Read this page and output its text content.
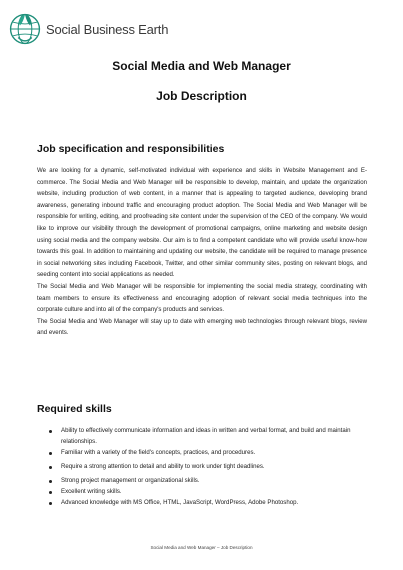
Social Business Earth
Social Media and Web Manager
Job Description
Job specification and responsibilities

We are looking for a dynamic, self-motivated individual with experience and skills in Website Management and E-commerce. The Social Media and Web Manager will be responsible to develop, maintain, and update the organization website, including production of web content, in a manner that is appealing to targeted audience, developing brand awareness, generating inbound traffic and encouraging product adoption. The Social Media and Web Manager will be responsible for writing, editing, and proofreading site content under the supervision of the CEO of the company. We would like to improve our visibility through the development of promotional campaigns, online marketing and website design using social media and the company website. Our aim is to find a competent candidate who will provide useful know-how towards this goal. In addition to maintaining and updating our website, the candidate will be required to manage presence in social networking sites including Facebook, Twitter, and other similar community sites, posting on relevant blogs, and seeding content into social applications as needed.

The Social Media and Web Manager will be responsible for implementing the social media strategy, coordinating with team members to ensure its effectiveness and encouraging adoption of relevant social media techniques into the corporate culture and into all of the company's products and services.

The Social Media and Web Manager will stay up to date with emerging web technologies through relevant blogs, review and events.

Required skills
Ability to effectively communicate information and ideas in written and verbal format, and build and maintain relationships.
Familiar with a variety of the field's concepts, practices, and procedures.
Require a strong attention to detail and ability to work under tight deadlines.
Strong project management or organizational skills.
Excellent writing skills.
Advanced knowledge with MS Office, HTML, JavaScript, WordPress, Adobe Photoshop.
Social Media and Web Manager – Job Description
